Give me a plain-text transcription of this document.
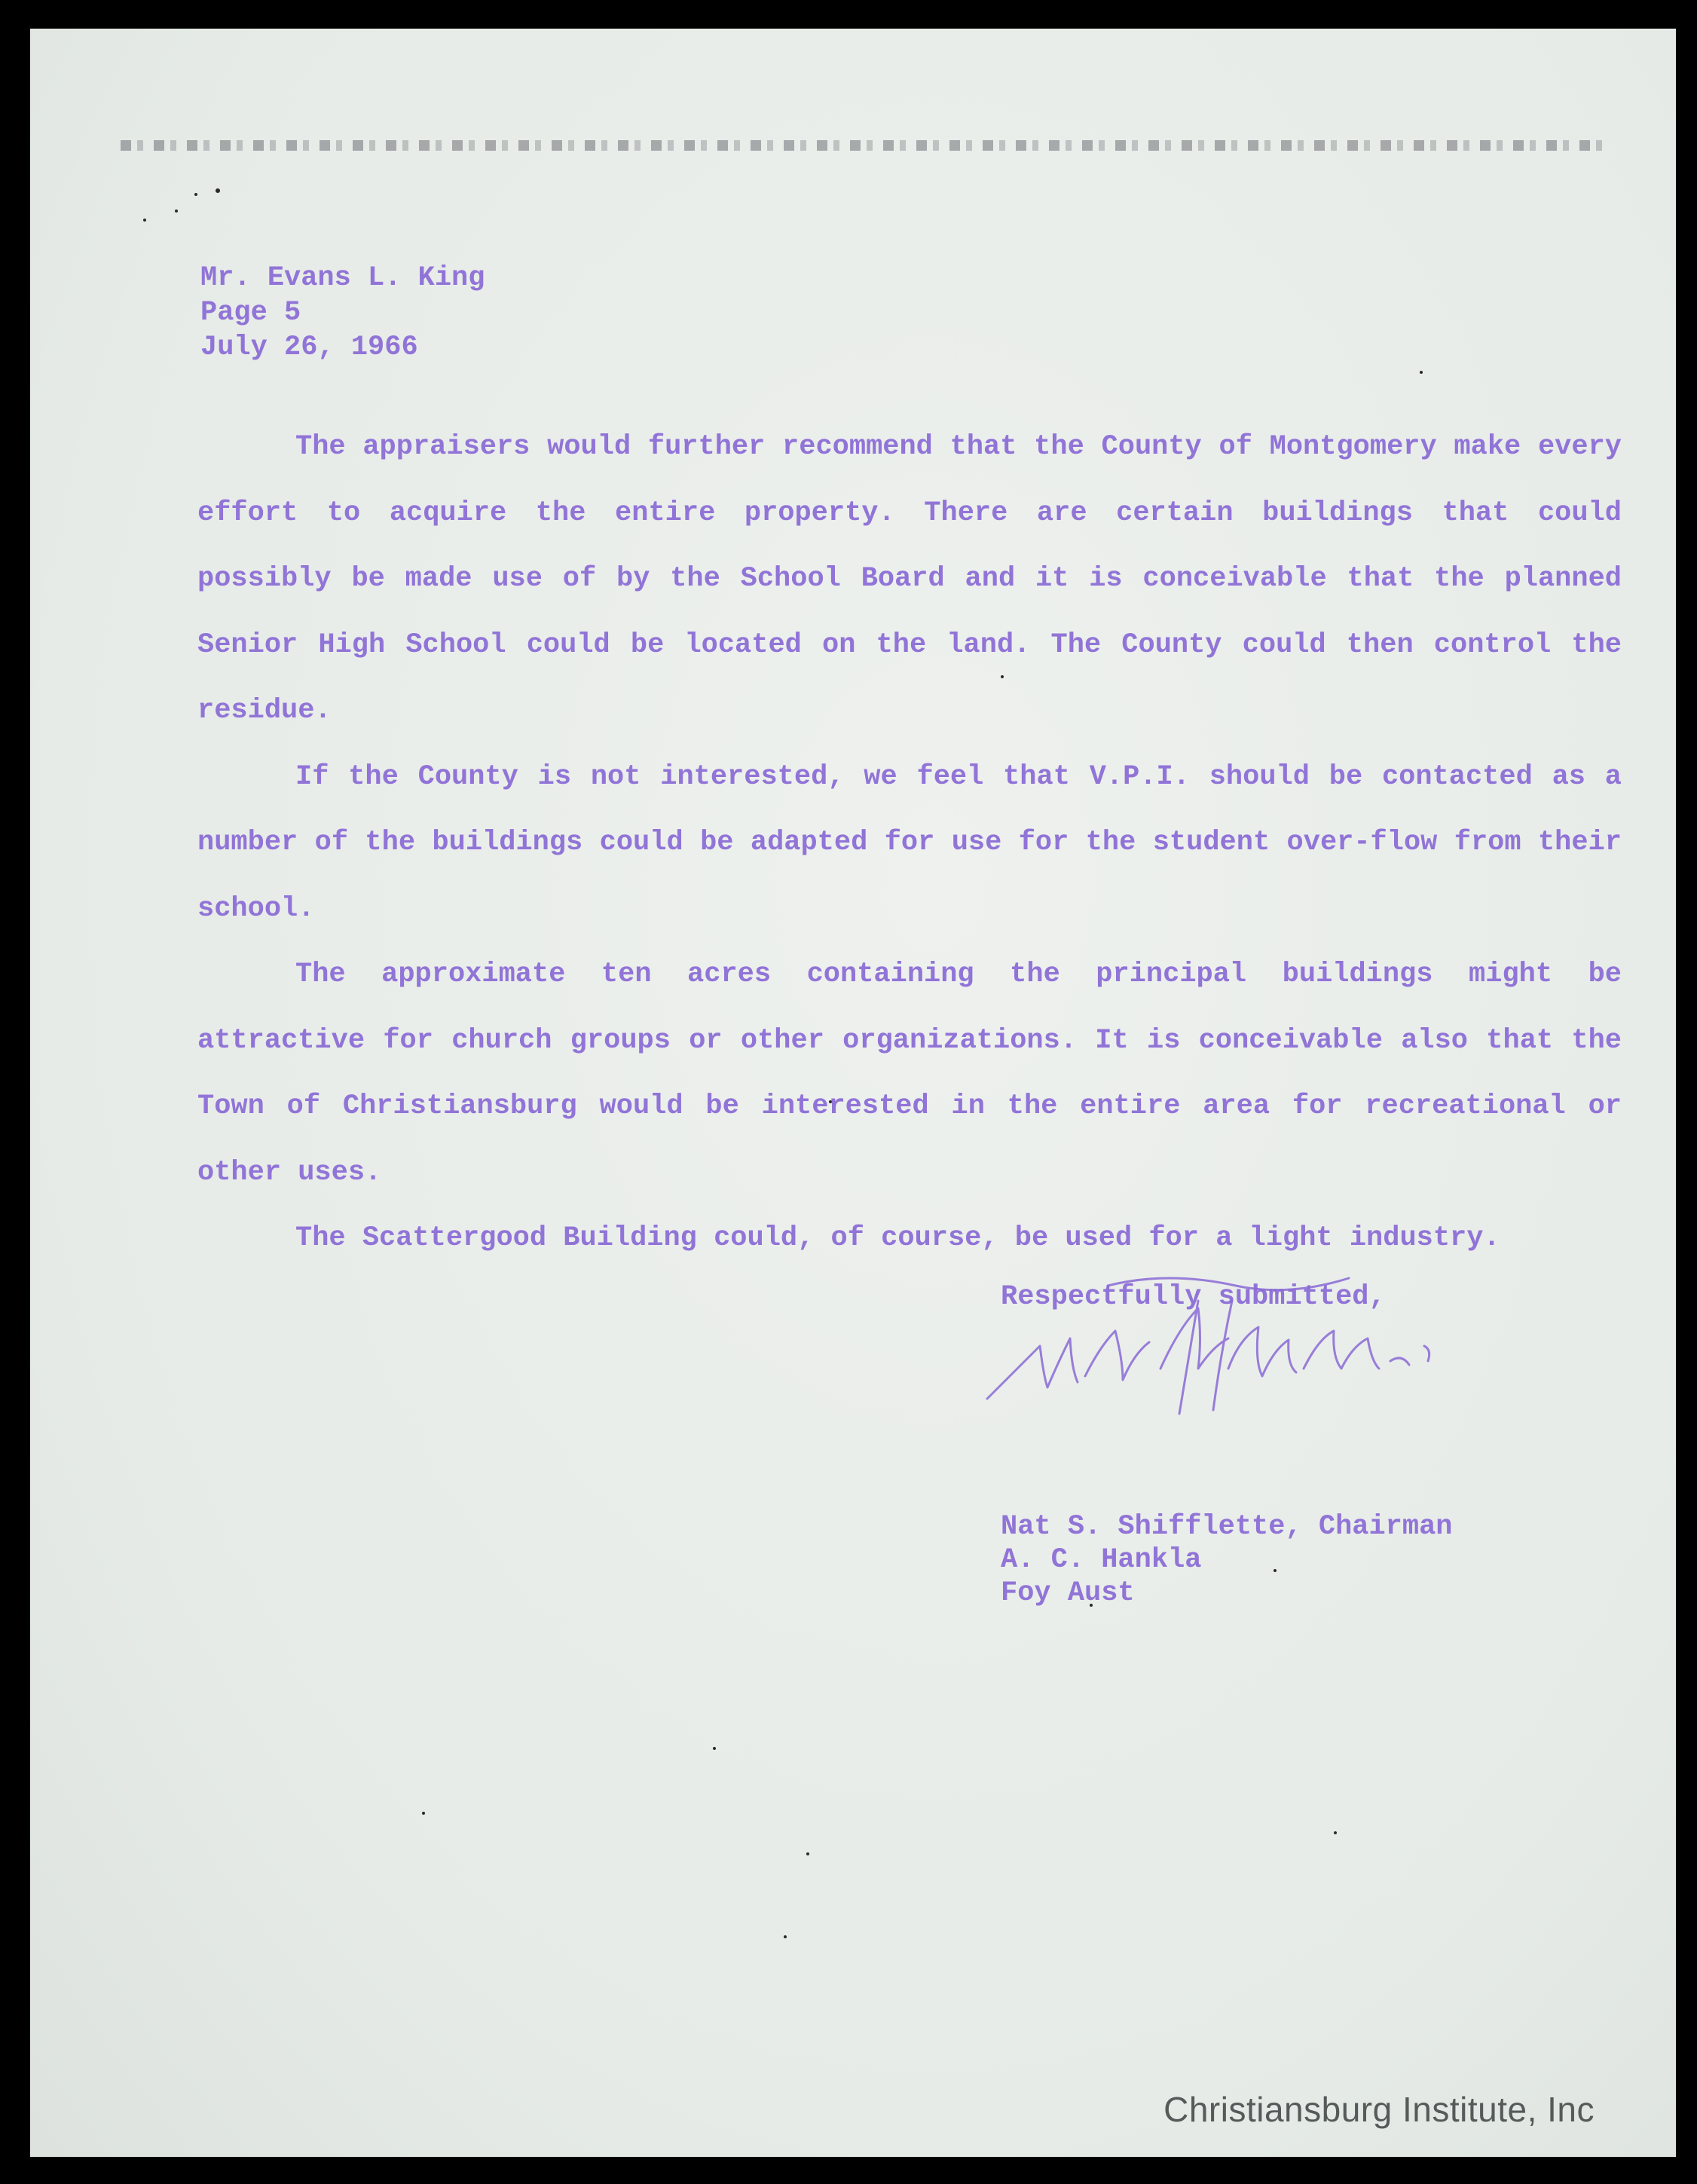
Mr. Evans L. King
Page 5
July 26, 1966

The appraisers would further recommend that the County of Montgomery make every effort to acquire the entire property. There are certain buildings that could possibly be made use of by the School Board and it is conceivable that the planned Senior High School could be located on the land. The County could then control the residue.

If the County is not interested, we feel that V.P.I. should be contacted as a number of the buildings could be adapted for use for the student over-flow from their school.

The approximate ten acres containing the principal buildings might be attractive for church groups or other organizations. It is conceivable also that the Town of Christiansburg would be interested in the entire area for recreational or other uses.

The Scattergood Building could, of course, be used for a light industry.

Respectfully submitted,
Nat S. Shifflette, Chairman
A. C. Hankla
Foy Aust
Christiansburg Institute, Inc
